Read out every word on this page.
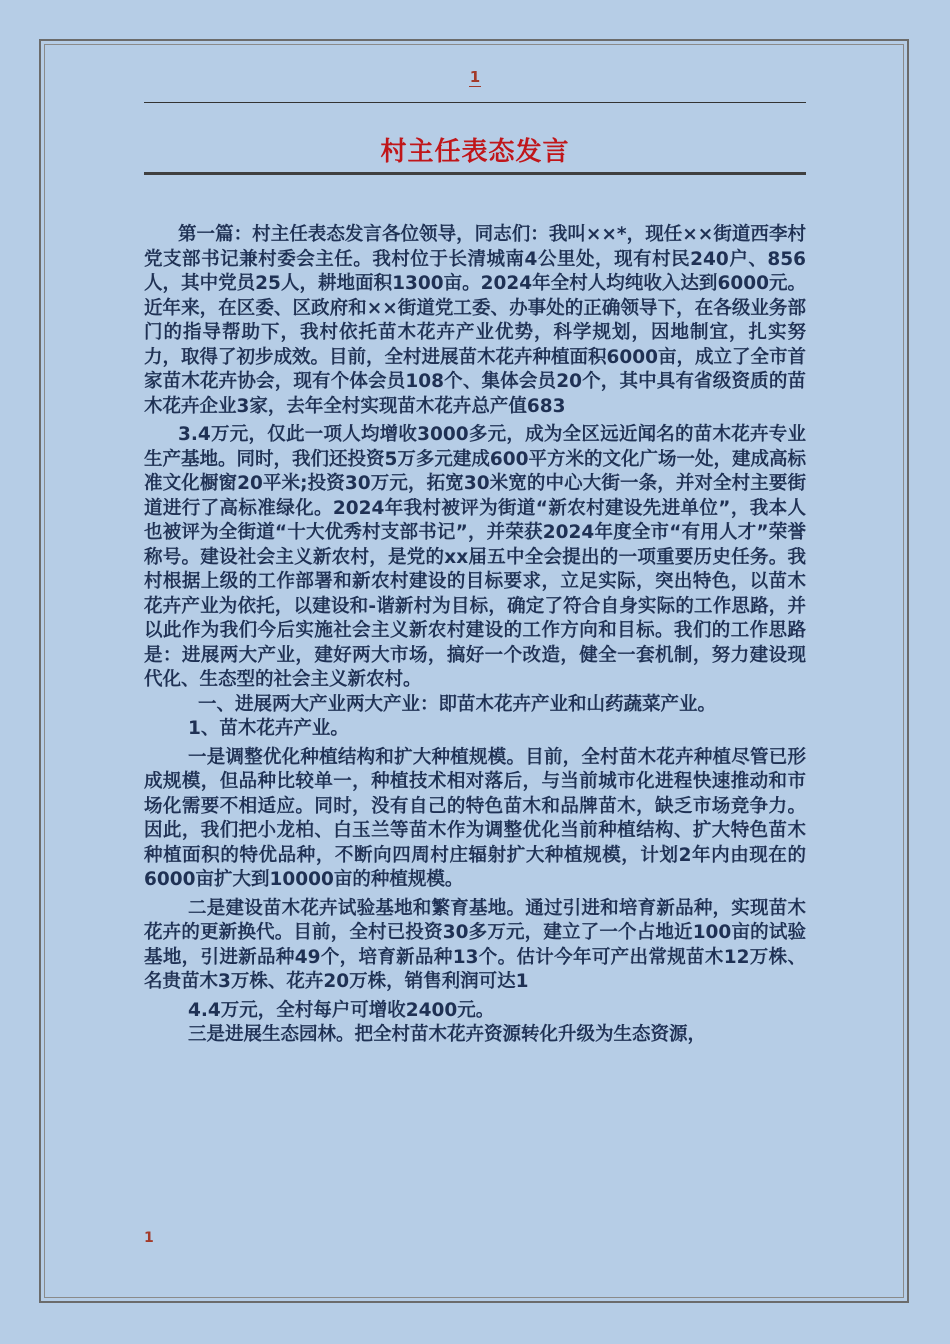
1
村主任表态发言

第一篇：村主任表态发言各位领导，同志们：我叫××*，现任××街道西李村党支部书记兼村委会主任。我村位于长清城南4公里处，现有村民240户、856人，其中党员25人，耕地面积1300亩。2024年全村人均纯收入达到6000元。近年来，在区委、区政府和××街道党工委、办事处的正确领导下，在各级业务部门的指导帮助下，我村依托苗木花卉产业优势，科学规划，因地制宜，扎实努力，取得了初步成效。目前，全村进展苗木花卉种植面积6000亩，成立了全市首家苗木花卉协会，现有个体会员108个、集体会员20个，其中具有省级资质的苗木花卉企业3家，去年全村实现苗木花卉总产值683

3.4万元，仅此一项人均增收3000多元，成为全区远近闻名的苗木花卉专业生产基地。同时，我们还投资5万多元建成600平方米的文化广场一处，建成高标准文化橱窗20平米;投资30万元，拓宽30米宽的中心大街一条，并对全村主要街道进行了高标准绿化。2024年我村被评为街道“新农村建设先进单位”，我本人也被评为全街道“十大优秀村支部书记”，并荣获2024年度全市“有用人才”荣誉称号。建设社会主义新农村，是党的xx届五中全会提出的一项重要历史任务。我村根据上级的工作部署和新农村建设的目标要求，立足实际，突出特色，以苗木花卉产业为依托，以建设和-谐新村为目标，确定了符合自身实际的工作思路，并以此作为我们今后实施社会主义新农村建设的工作方向和目标。我们的工作思路是：进展两大产业，建好两大市场，搞好一个改造，健全一套机制，努力建设现代化、生态型的社会主义新农村。

一、进展两大产业两大产业：即苗木花卉产业和山药蔬菜产业。

1、苗木花卉产业。

一是调整优化种植结构和扩大种植规模。目前，全村苗木花卉种植尽管已形成规模，但品种比较单一，种植技术相对落后，与当前城市化进程快速推动和市场化需要不相适应。同时，没有自己的特色苗木和品牌苗木，缺乏市场竞争力。因此，我们把小龙柏、白玉兰等苗木作为调整优化当前种植结构、扩大特色苗木种植面积的特优品种，不断向四周村庄辐射扩大种植规模，计划2年内由现在的6000亩扩大到10000亩的种植规模。

二是建设苗木花卉试验基地和繁育基地。通过引进和培育新品种，实现苗木花卉的更新换代。目前，全村已投资30多万元，建立了一个占地近100亩的试验基地，引进新品种49个，培育新品种13个。估计今年可产出常规苗木12万株、名贵苗木3万株、花卉20万株，销售利润可达1

4.4万元，全村每户可增收2400元。

三是进展生态园林。把全村苗木花卉资源转化升级为生态资源，

1
